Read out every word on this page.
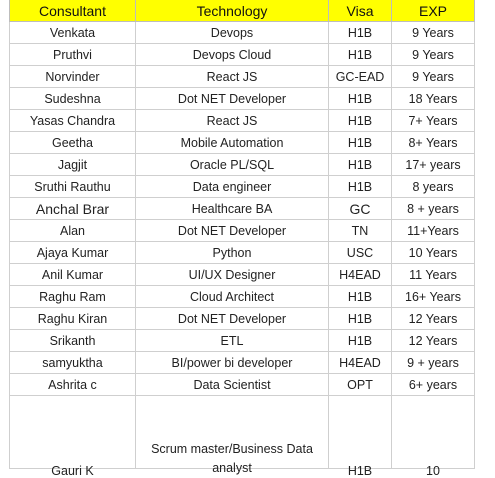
Consultant	Technology	Visa	EXP
Venkata	Devops	H1B	9 Years
Pruthvi	Devops Cloud	H1B	9 Years
Norvinder	React JS	GC-EAD	9 Years
Sudeshna	Dot NET Developer	H1B	18 Years
Yasas Chandra	React JS	H1B	7+ Years
Geetha	Mobile Automation	H1B	8+ Years
Jagjit	Oracle PL/SQL	H1B	17+ years
Sruthi Rauthu	Data engineer	H1B	8 years
Anchal Brar	Healthcare BA	GC	8 + years
Alan	Dot NET Developer	TN	11+Years
Ajaya Kumar	Python	USC	10 Years
Anil Kumar	UI/UX Designer	H4EAD	11 Years
Raghu Ram	Cloud Architect	H1B	16+ Years
Raghu Kiran	Dot NET Developer	H1B	12 Years
Srikanth	ETL	H1B	12 Years
samyuktha	BI/power bi developer	H4EAD	9 + years
Ashrita c	Data Scientist	OPT	6+ years

Gauri K	Scrum master/Business Data analyst	H1B	10
